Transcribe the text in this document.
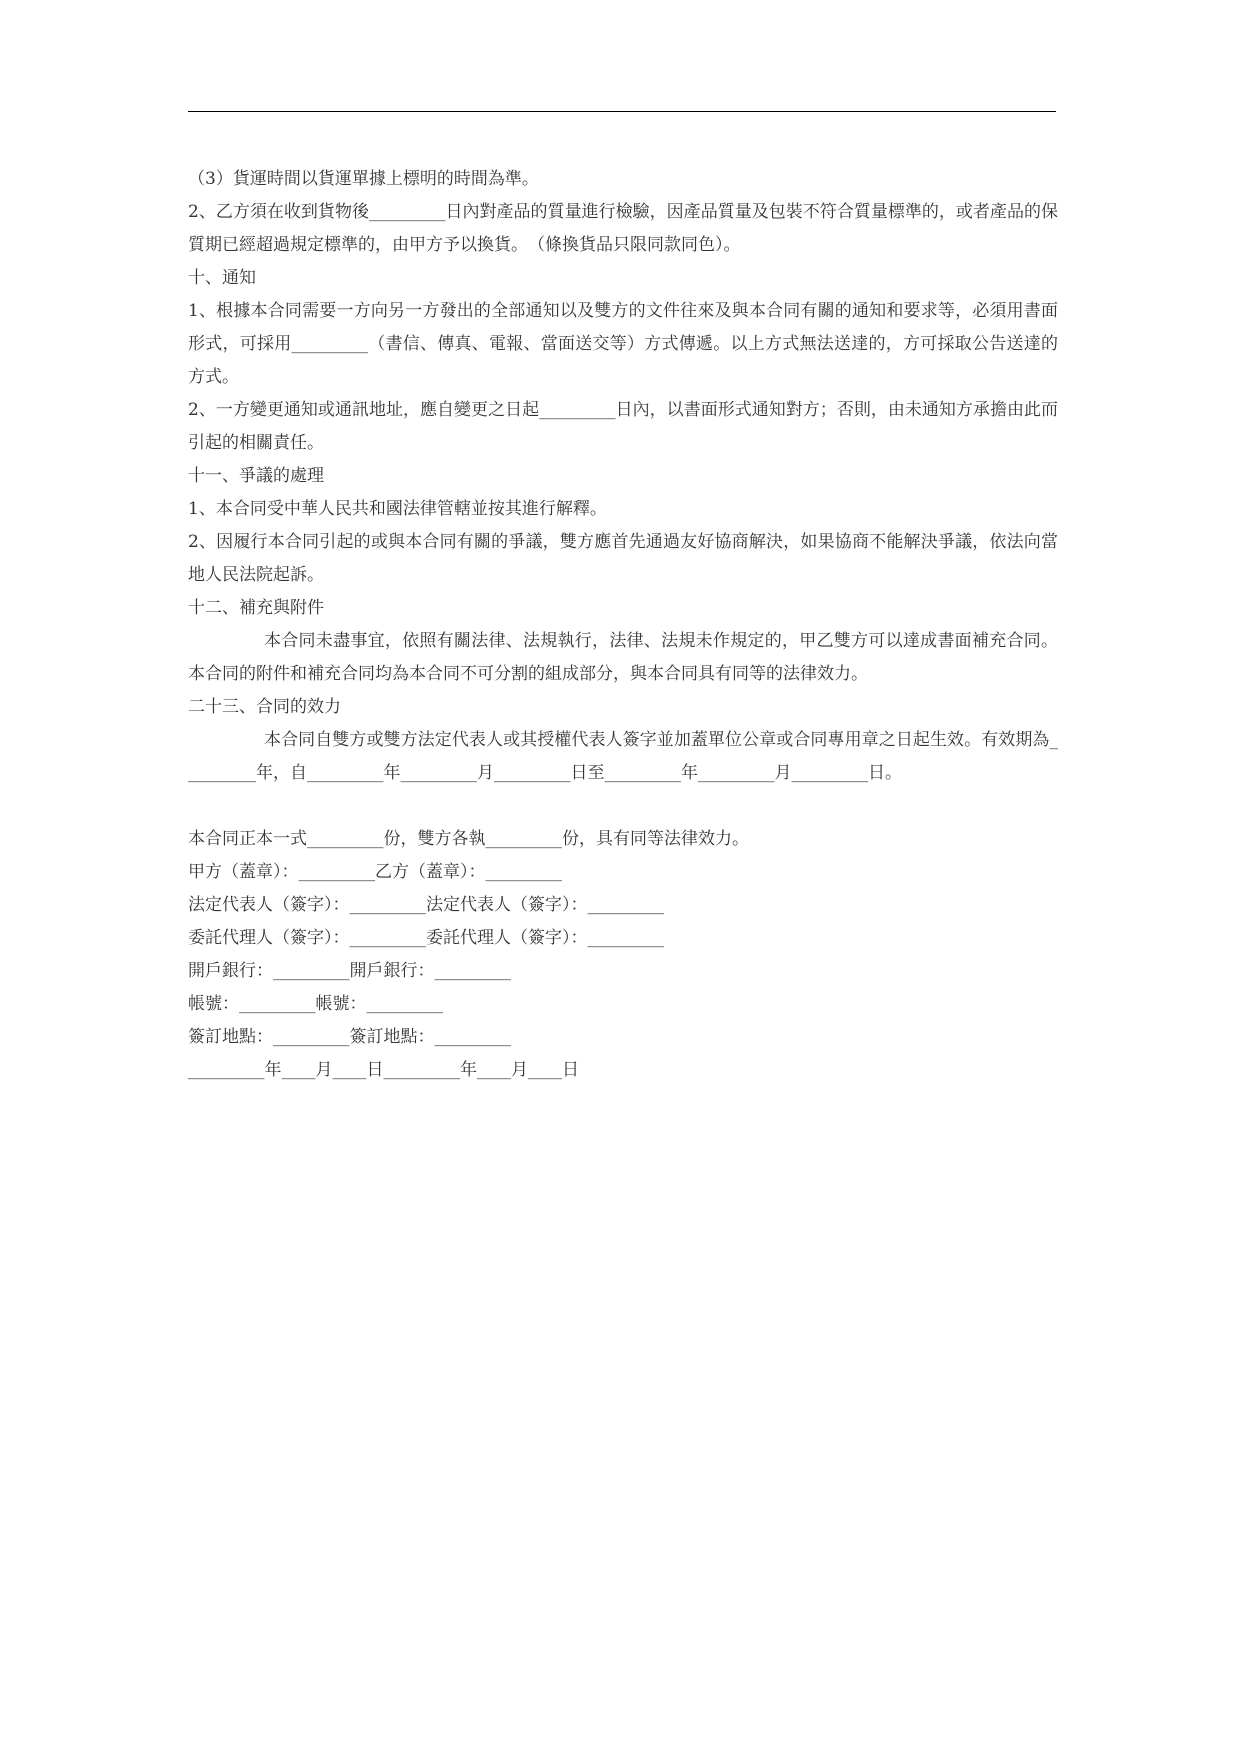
（3）貨運時間以貨運單據上標明的時間為準。

2、乙方須在收到貨物後_________日內對產品的質量進行檢驗，因產品質量及包裝不符合質量標準的，或者產品的保質期已經超過規定標準的，由甲方予以換貨。　（條換貨品只限同款同色）。

十、通知

1、根據本合同需要一方向另一方發出的全部通知以及雙方的文件往來及與本合同有關的通知和要求等，必須用書面形式，可採用_________（書信、傳真、電報、當面送交等）方式傳遞。以上方式無法送達的，方可採取公告送達的方式。

2、一方變更通知或通訊地址，應自變更之日起_________日內，以書面形式通知對方；否則，由未通知方承擔由此而引起的相關責任。

十一、爭議的處理

1、本合同受中華人民共和國法律管轄並按其進行解釋。

2、因履行本合同引起的或與本合同有關的爭議，雙方應首先通過友好協商解決，如果協商不能解決爭議，依法向當地人民法院起訴。

十二、補充與附件

本合同未盡事宜，依照有關法律、法規執行，法律、法規未作規定的，甲乙雙方可以達成書面補充合同。本合同的附件和補充合同均為本合同不可分割的組成部分，與本合同具有同等的法律效力。

二十三、合同的效力

本合同自雙方或雙方法定代表人或其授權代表人簽字並加蓋單位公章或合同專用章之日起生效。有效期為_________年，自_________年_________月_________日至_________年_________月_________日。

本合同正本一式_________份，雙方各執_________份，具有同等法律效力。

甲方（蓋章）：_________乙方（蓋章）：_________

法定代表人（簽字）：_________法定代表人（簽字）：_________

委託代理人（簽字）：_________委託代理人（簽字）：_________

開戶銀行：_________開戶銀行：_________

帳號：_________帳號：_________

簽訂地點：_________簽訂地點：_________

_________年____月____日_________年____月____日
